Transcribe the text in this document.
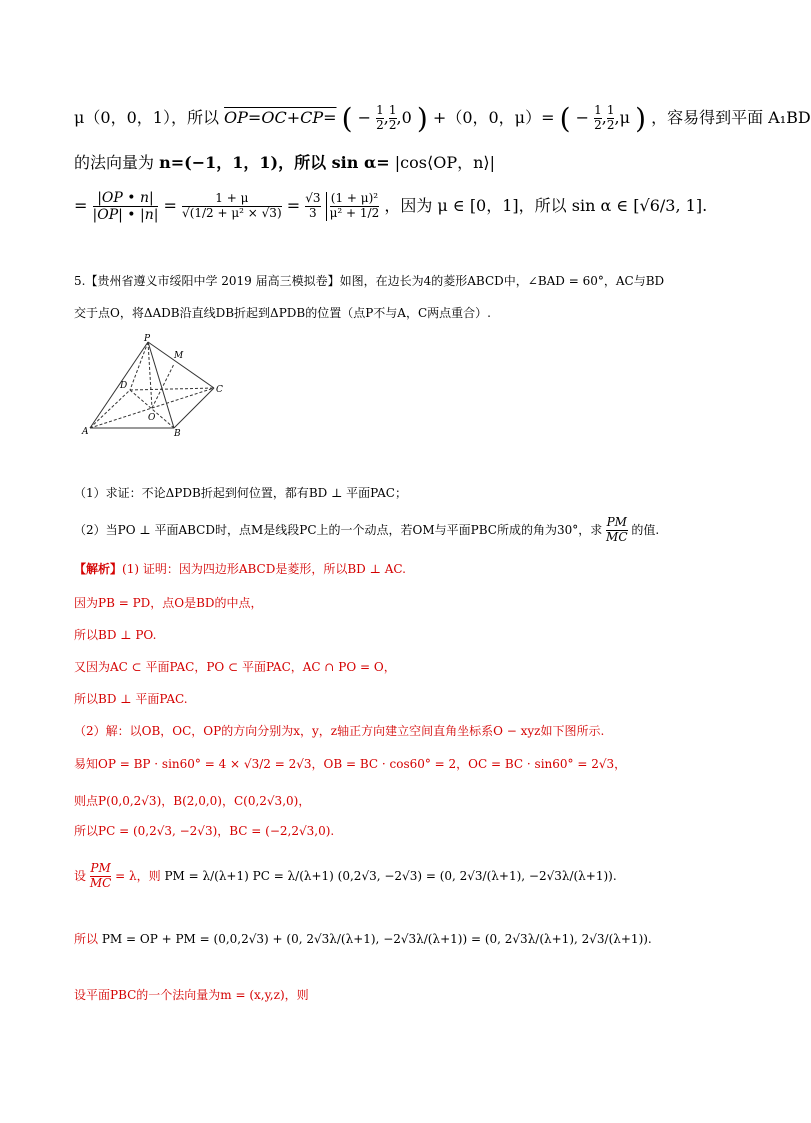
μ（0，0，1），所以 OP=OC+CP= ( − $\frac{1}{2}$ , $\frac{1}{2} ,0$ ) +（0，0，μ）= ( − $\frac{1}{2}$ , $\frac{1}{2} ,\mu$ ) ，容易得到平面 A₁BD
的法向量为 n=(−1，1，1)，所以 sin α= |cos⟨OP，n⟩|
= $\frac{|OP • n|}{|OP| • |n|} = \frac{1 + \mu}{\text{√(1/2 + μ² × √3)}} = \frac{√3}{3}$
$\frac{\text{(1 + μ)²}}{\text{μ² + 1/2}}$ ，因为 μ ∈ [0，1]，所以 sin α ∈ [√6/3, 1].
5.【贵州省遵义市绥阳中学 2019 届高三模拟卷】如图，在边长为4的菱形ABCD中，∠BAD = 60°，AC与BD
交于点O，将ΔADB沿直线DB折起到ΔPDB的位置（点P不与A，C两点重合）.
P
M
D	C
O
A	B
（1）求证：不论ΔPDB折起到何位置，都有BD ⊥ 平面PAC；
（2）当PO ⊥ 平面ABCD时，点M是线段PC上的一个动点，若OM与平面PBC所成的角为30°，求 $\frac{PM}{MC}$ 的值.
【解析】(1) 证明：因为四边形ABCD是菱形，所以BD ⊥ AC.
因为PB = PD，点O是BD的中点，
所以BD ⊥ PO.
又因为AC ⊂ 平面PAC，PO ⊂ 平面PAC，AC ∩ PO = O，
所以BD ⊥ 平面PAC.
（2）解：以OB，OC，OP的方向分别为x，y，z轴正方向建立空间直角坐标系O − xyz如下图所示.
易知OP = BP · sin60° = 4 × √3/2 = 2√3，OB = BC · cos60° = 2，OC = BC · sin60° = 2√3，
则点P(0,0,2√3)，B(2,0,0)，C(0,2√3,0)，
所以PC = (0,2√3, −2√3)，BC = (−2,2√3,0).
设 $\frac{PM}{MC} = \lambda$，则 PM = λ/(λ+1) PC = λ/(λ+1) (0,2√3, −2√3) = (0, 2√3/(λ+1), −2√3λ/(λ+1)).
所以 PM = OP + PM = (0,0,2√3) + (0, 2√3λ/(λ+1), −2√3λ/(λ+1)) = (0, 2√3λ/(λ+1), 2√3/(λ+1)).
设平面PBC的一个法向量为m = (x,y,z)，则
